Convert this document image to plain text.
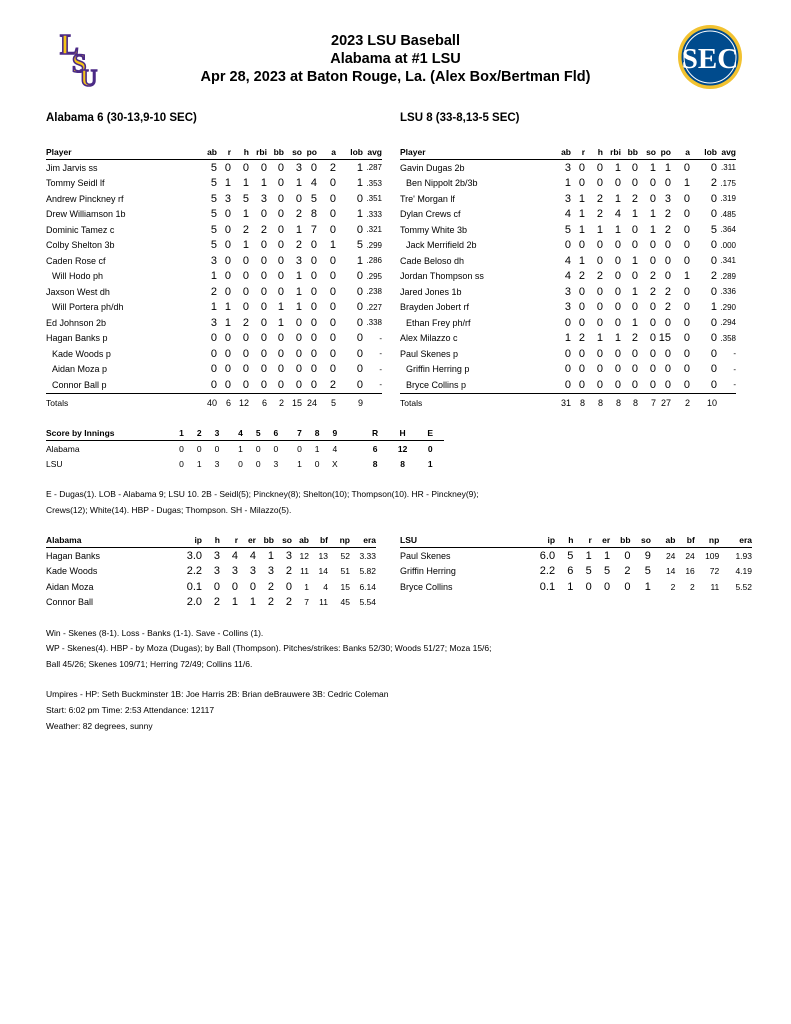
L
S
U
SEC
2023 LSU Baseball
Alabama at #1 LSU
Apr 28, 2023 at Baton Rouge, La. (Alex Box/Bertman Fld)
Alabama 6 (30-13,9-10 SEC)	LSU 8 (33-8,13-5 SEC)
Player		ab	r	h	rbi	bb	so	po	a	lob	avg
Jim Jarvis ss		5	0	0	0	0	3	0	2	1	.287
Tommy Seidl lf		5	1	1	1	0	1	4	0	1	.353
Andrew Pinckney rf		5	3	5	3	0	0	5	0	0	.351
Drew Williamson 1b		5	0	1	0	0	2	8	0	1	.333
Dominic Tamez c		5	0	2	2	0	1	7	0	0	.321
Colby Shelton 3b		5	0	1	0	0	2	0	1	5	.299
Caden Rose cf		3	0	0	0	0	3	0	0	1	.286
Will Hodo ph		1	0	0	0	0	1	0	0	0	.295
Jaxson West dh		2	0	0	0	0	1	0	0	0	.238
Will Portera ph/dh		1	1	0	0	1	1	0	0	0	.227
Ed Johnson 2b		3	1	2	0	1	0	0	0	0	.338
Hagan Banks p		0	0	0	0	0	0	0	0	0	-
Kade Woods p		0	0	0	0	0	0	0	0	0	-
Aidan Moza p		0	0	0	0	0	0	0	0	0	-
Connor Ball p		0	0	0	0	0	0	0	2	0	-
Totals		40	6	12	6	2	15	24	5	9	
Player		ab	r	h	rbi	bb	so	po	a	lob	avg
Gavin Dugas 2b		3	0	0	1	0	1	1	0	0	.311
Ben Nippolt 2b/3b		1	0	0	0	0	0	0	1	2	.175
Tre' Morgan lf		3	1	2	1	2	0	3	0	0	.319
Dylan Crews cf		4	1	2	4	1	1	2	0	0	.485
Tommy White 3b		5	1	1	1	0	1	2	0	5	.364
Jack Merrifield 2b		0	0	0	0	0	0	0	0	0	.000
Cade Beloso dh		4	1	0	0	1	0	0	0	0	.341
Jordan Thompson ss		4	2	2	0	0	2	0	1	2	.289
Jared Jones 1b		3	0	0	0	1	2	2	0	0	.336
Brayden Jobert rf		3	0	0	0	0	0	2	0	1	.290
Ethan Frey ph/rf		0	0	0	0	1	0	0	0	0	.294
Alex Milazzo c		1	2	1	1	2	0	15	0	0	.358
Paul Skenes p		0	0	0	0	0	0	0	0	0	-
Griffin Herring p		0	0	0	0	0	0	0	0	0	-
Bryce Collins p		0	0	0	0	0	0	0	0	0	-
Totals		31	8	8	8	8	7	27	2	10	
Score by Innings	1	2	3		4	5	6		7	8	9		R	H	E
Alabama	0	0	0		1	0	0		0	1	4		6	12	0
LSU	0	1	3		0	0	3		1	0	X		8	8	1
E - Dugas(1). LOB - Alabama 9; LSU 10. 2B - Seidl(5); Pinckney(8); Shelton(10); Thompson(10). HR - Pinckney(9);
Crews(12); White(14). HBP - Dugas; Thompson. SH - Milazzo(5).
Alabama	ip	h	r	er	bb	so	ab	bf	np	era
Hagan Banks	3.0	3	4	4	1	3	12	13	52	3.33
Kade Woods	2.2	3	3	3	3	2	11	14	51	5.82
Aidan Moza	0.1	0	0	0	2	0	1	4	15	6.14
Connor Ball	2.0	2	1	1	2	2	7	11	45	5.54
LSU	ip	h	r	er	bb	so	ab	bf	np	era
Paul Skenes	6.0	5	1	1	0	9	24	24	109	1.93
Griffin Herring	2.2	6	5	5	2	5	14	16	72	4.19
Bryce Collins	0.1	1	0	0	0	1	2	2	11	5.52
Win - Skenes (8-1). Loss - Banks (1-1). Save - Collins (1).
WP - Skenes(4). HBP - by Moza (Dugas); by Ball (Thompson). Pitches/strikes: Banks 52/30; Woods 51/27; Moza 15/6;
Ball 45/26; Skenes 109/71; Herring 72/49; Collins 11/6.
Umpires - HP: Seth Buckminster 1B: Joe Harris 2B: Brian deBrauwere 3B: Cedric Coleman
Start: 6:02 pm Time: 2:53 Attendance: 12117
Weather: 82 degrees, sunny
